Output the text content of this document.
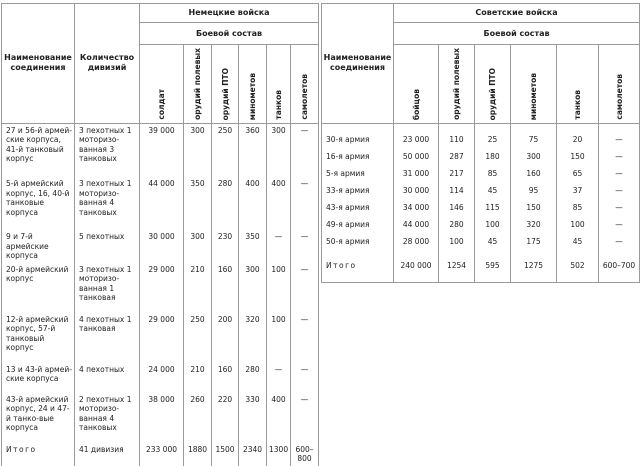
Наименование соединения	Количество дивизий	Немецкие войска					
		Боевой состав					

		солдат	орудий полевых	орудий ПТО	минометов	танков	самолетов

27 и 56-й армей-ские корпуса, 41-й танковый корпус	3 пехотных 1 моторизо-ванная 3 танковых	39 000	300	250	360	300	—
5-й армейский корпус, 16, 40-й танковые корпуса	3 пехотных 1 моторизо-ванная 4 танковых	44 000	350	280	400	400	—
9 и 7-й армейские корпуса	5 пехотных	30 000	300	230	350	—	—
20-й армейский корпус	3 пехотных 1 моторизо-ванная 1 танковая	29 000	210	160	300	100	—
12-й армейский корпус, 57-й танковый корпус	4 пехотных 1 танковая	29 000	250	200	320	100	—
13 и 43-й армей-ские корпуса	4 пехотных	24 000	210	160	280	—	—
43-й армейский корпус, 24 и 47-й танко-вые корпуса	2 пехотных 1 моторизо-ванная 4 танковых	38 000	260	220	330	400	—
Итого	41 дивизия	233 000	1880	1500	2340	1300	600–800
Наименование соединения	Советские войска					
	Боевой состав					

	бойцов	орудий полевых	орудий ПТО	минометов	танков	самолетов

30-я армия	23 000	110	25	75	20	—
16-я армия	50 000	287	180	300	150	—
5-я армия	31 000	217	85	160	65	—
33-я армия	30 000	114	45	95	37	—
43-я армия	34 000	146	115	150	85	—
49-я армия	44 000	280	100	320	100	—
50-я армия	28 000	100	45	175	45	—
Итого	240 000	1254	595	1275	502	600–700
